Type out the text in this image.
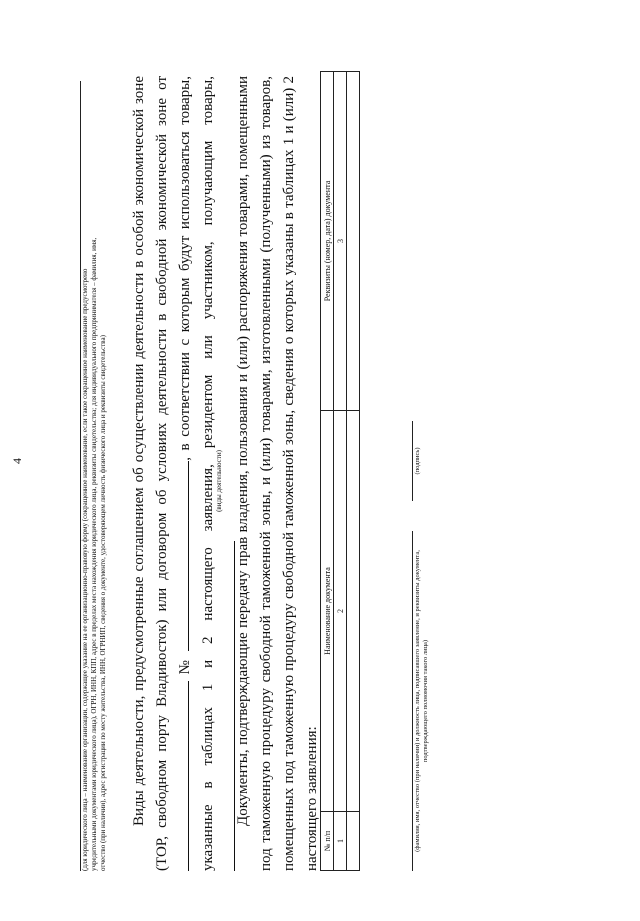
4	(для юридического лица – наименование организации, содержащее указание на ее организационно-правовую форму (сокращенное наименование, если такое сокращенное наименование предусмотрено учредительными документами юридического лица), ОГРН, ИНН, КПП, адрес в пределах места нахождения юридического лица, реквизиты свидетельства; для индивидуального предпринимателя – фамилия, имя, отчество (при наличии), адрес регистрации по месту жительства, ИНН, ОГРНИП, сведения о документе, удостоверяющем личность физического лица и реквизиты свидетельства) Виды деятельности, предусмотренные соглашением об осуществлении деятельности в особой экономической зоне (ТОР, свободном порту Владивосток) или договором об условиях деятельности в свободной экономической зоне от  № , в соответствии с которым будут использоваться товары, указанные в таблицах 1 и 2 настоящего заявления, резидентом или участником, получающим товары, (виды деятельности) Документы, подтверждающие передачу прав владения, пользования и (или) распоряжения товарами, помещенными под таможенную процедуру свободной таможенной зоны, и (или) товарами, изготовленными (полученными) из товаров, помещенных под таможенную процедуру свободной таможенной зоны, сведения о которых указаны в таблицах 1 и (или) 2 настоящего заявления: № п/п	Наименование документа	Реквизиты (номер, дата) документа
1	2	3

(фамилия, имя, отчество (при наличии) и должность лица, подписавшего заявление, и реквизиты документа, подтверждающего полномочия такого лица)
(подпись)
